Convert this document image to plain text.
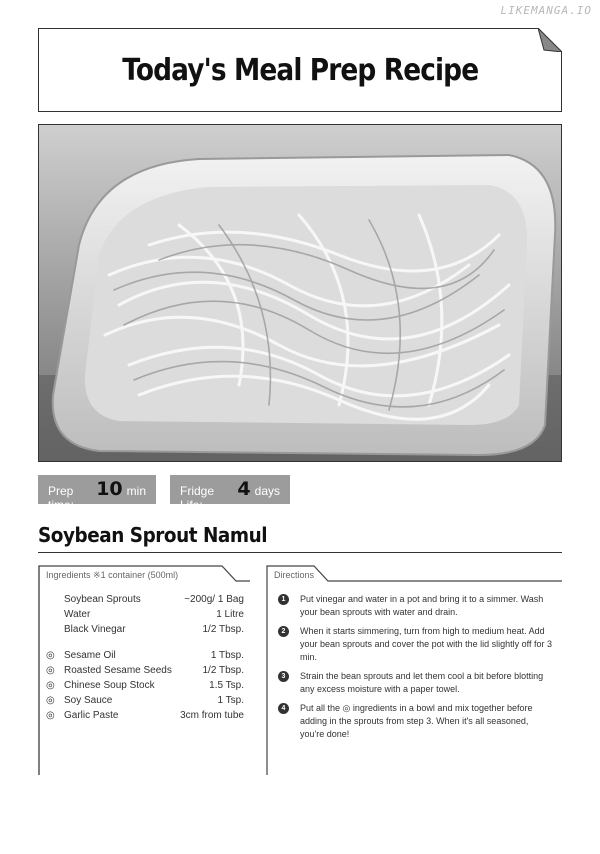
LIKEMANGA.IO
Today's Meal Prep Recipe
Prep time:
10 min	Fridge Life:
4 days
Soybean Sprout Namul
Ingredients ※1 container (500ml)
Soybean Sprouts	~200g/ 1 Bag
Water	1 Litre
Black Vinegar	1/2 Tbsp.
◎ Sesame Oil	1 Tbsp.
◎ Roasted Sesame Seeds	1/2 Tbsp.
◎ Chinese Soup Stock	1.5 Tsp.
◎ Soy Sauce	1 Tsp.
◎ Garlic Paste	3cm from tube
Directions
1	Put vinegar and water in a pot and bring it to a simmer. Wash your bean sprouts with water and drain.
2	When it starts simmering, turn from high to medium heat. Add your bean sprouts and cover the pot with the lid slightly off for 3 min.
3	Strain the bean sprouts and let them cool a bit before blotting any excess moisture with a paper towel.
4	Put all the ◎ ingredients in a bowl and mix together before adding in the sprouts from step 3. When it's all seasoned, you're done!
